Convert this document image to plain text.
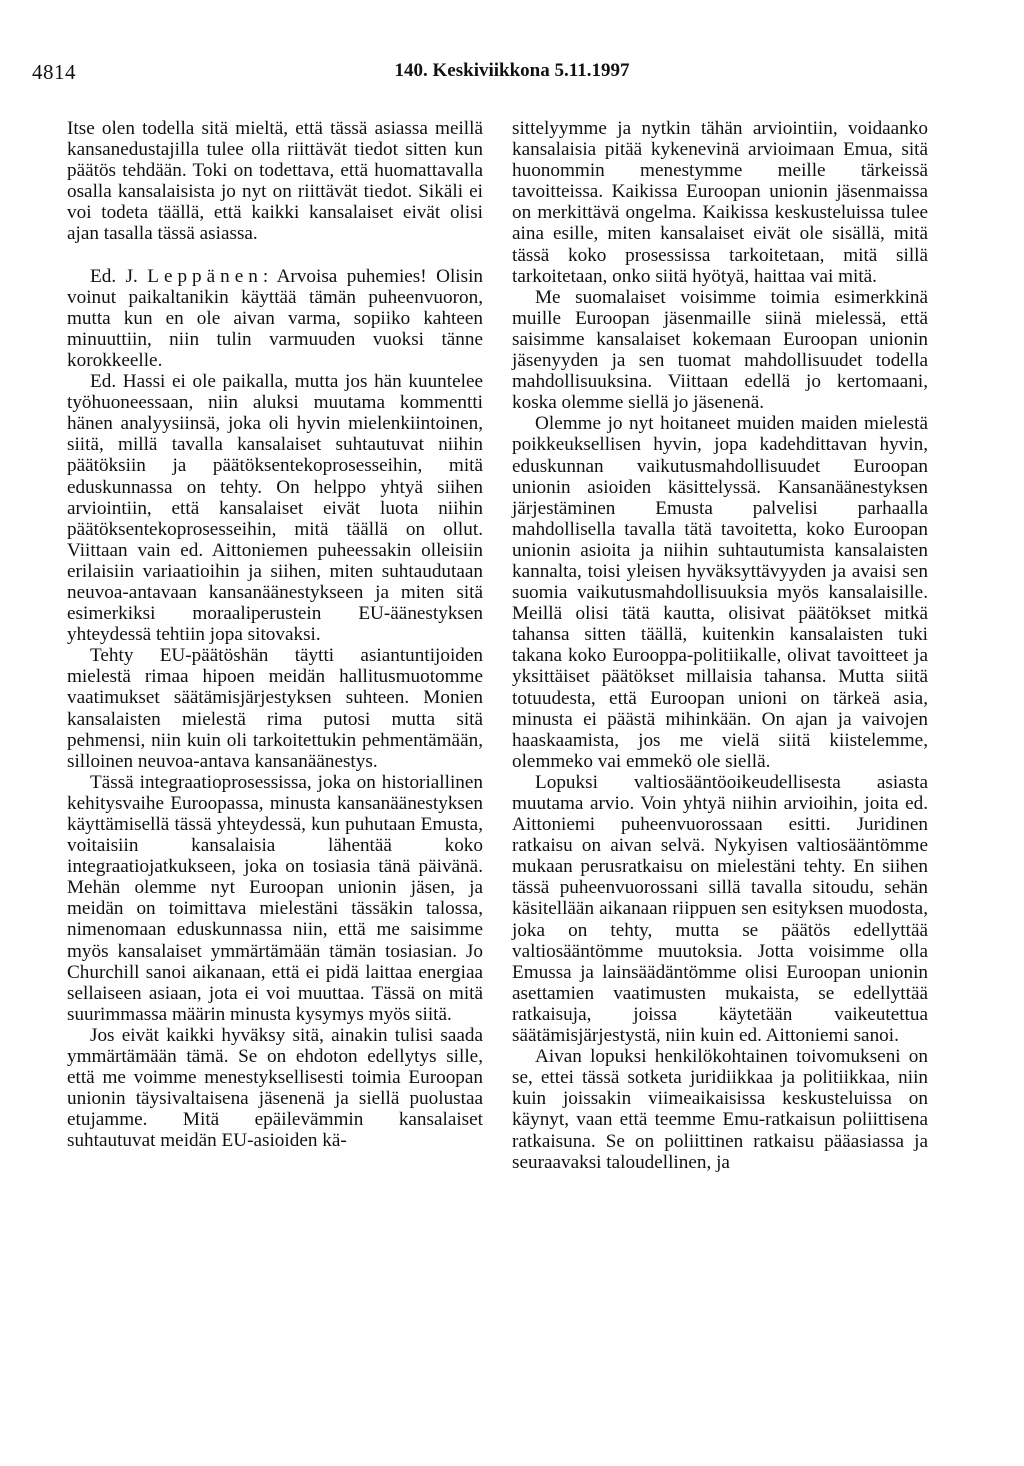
4814	140. Keskiviikkona 5.11.1997

Itse olen todella sitä mieltä, että tässä asiassa meillä kansanedustajilla tulee olla riittävät tiedot sitten kun päätös tehdään. Toki on todettava, että huomattavalla osalla kansalaisista jo nyt on riittävät tiedot. Sikäli ei voi todeta täällä, että kaikki kansalaiset eivät olisi ajan tasalla tässä asiassa.

Ed. J. Leppänen: Arvoisa puhemies! Olisin voinut paikaltanikin käyttää tämän puheenvuoron, mutta kun en ole aivan varma, sopiiko kahteen minuuttiin, niin tulin varmuuden vuoksi tänne korokkeelle.

Ed. Hassi ei ole paikalla, mutta jos hän kuuntelee työhuoneessaan, niin aluksi muutama kommentti hänen analyysiinsä, joka oli hyvin mielenkiintoinen, siitä, millä tavalla kansalaiset suhtautuvat niihin päätöksiin ja päätöksentekoprosesseihin, mitä eduskunnassa on tehty. On helppo yhtyä siihen arviointiin, että kansalaiset eivät luota niihin päätöksentekoprosesseihin, mitä täällä on ollut. Viittaan vain ed. Aittoniemen puheessakin olleisiin erilaisiin variaatioihin ja siihen, miten suhtaudutaan neuvoa-antavaan kansanäänestykseen ja miten sitä esimerkiksi moraaliperustein EU-äänestyksen yhteydessä tehtiin jopa sitovaksi.

Tehty EU-päätöshän täytti asiantuntijoiden mielestä rimaa hipoen meidän hallitusmuotomme vaatimukset säätämisjärjestyksen suhteen. Monien kansalaisten mielestä rima putosi mutta sitä pehmensi, niin kuin oli tarkoitettukin pehmentämään, silloinen neuvoa-antava kansanäänestys.

Tässä integraatioprosessissa, joka on historiallinen kehitysvaihe Euroopassa, minusta kansanäänestyksen käyttämisellä tässä yhteydessä, kun puhutaan Emusta, voitaisiin kansalaisia lähentää koko integraatiojatkukseen, joka on tosiasia tänä päivänä. Mehän olemme nyt Euroopan unionin jäsen, ja meidän on toimittava mielestäni tässäkin talossa, nimenomaan eduskunnassa niin, että me saisimme myös kansalaiset ymmärtämään tämän tosiasian. Jo Churchill sanoi aikanaan, että ei pidä laittaa energiaa sellaiseen asiaan, jota ei voi muuttaa. Tässä on mitä suurimmassa määrin minusta kysymys myös siitä.

Jos eivät kaikki hyväksy sitä, ainakin tulisi saada ymmärtämään tämä. Se on ehdoton edellytys sille, että me voimme menestyksellisesti toimia Euroopan unionin täysivaltaisena jäsenenä ja siellä puolustaa etujamme. Mitä epäilevämmin kansalaiset suhtautuvat meidän EU-asioiden kä-

sittelyymme ja nytkin tähän arviointiin, voidaanko kansalaisia pitää kykenevinä arvioimaan Emua, sitä huonommin menestymme meille tärkeissä tavoitteissa. Kaikissa Euroopan unionin jäsenmaissa on merkittävä ongelma. Kaikissa keskusteluissa tulee aina esille, miten kansalaiset eivät ole sisällä, mitä tässä koko prosessissa tarkoitetaan, mitä sillä tarkoitetaan, onko siitä hyötyä, haittaa vai mitä.

Me suomalaiset voisimme toimia esimerkkinä muille Euroopan jäsenmaille siinä mielessä, että saisimme kansalaiset kokemaan Euroopan unionin jäsenyyden ja sen tuomat mahdollisuudet todella mahdollisuuksina. Viittaan edellä jo kertomaani, koska olemme siellä jo jäsenenä.

Olemme jo nyt hoitaneet muiden maiden mielestä poikkeuksellisen hyvin, jopa kadehdittavan hyvin, eduskunnan vaikutusmahdollisuudet Euroopan unionin asioiden käsittelyssä. Kansanäänestyksen järjestäminen Emusta palvelisi parhaalla mahdollisella tavalla tätä tavoitetta, koko Euroopan unionin asioita ja niihin suhtautumista kansalaisten kannalta, toisi yleisen hyväksyttävyyden ja avaisi sen suomia vaikutusmahdollisuuksia myös kansalaisille. Meillä olisi tätä kautta, olisivat päätökset mitkä tahansa sitten täällä, kuitenkin kansalaisten tuki takana koko Eurooppa-politiikalle, olivat tavoitteet ja yksittäiset päätökset millaisia tahansa. Mutta siitä totuudesta, että Euroopan unioni on tärkeä asia, minusta ei päästä mihinkään. On ajan ja vaivojen haaskaamista, jos me vielä siitä kiistelemme, olemmeko vai emmekö ole siellä.

Lopuksi valtiosääntöoikeudellisesta asiasta muutama arvio. Voin yhtyä niihin arvioihin, joita ed. Aittoniemi puheenvuorossaan esitti. Juridinen ratkaisu on aivan selvä. Nykyisen valtiosääntömme mukaan perusratkaisu on mielestäni tehty. En siihen tässä puheenvuorossani sillä tavalla sitoudu, sehän käsitellään aikanaan riippuen sen esityksen muodosta, joka on tehty, mutta se päätös edellyttää valtiosääntömme muutoksia. Jotta voisimme olla Emussa ja lainsäädäntömme olisi Euroopan unionin asettamien vaatimusten mukaista, se edellyttää ratkaisuja, joissa käytetään vaikeutettua säätämisjärjestystä, niin kuin ed. Aittoniemi sanoi.

Aivan lopuksi henkilökohtainen toivomukseni on se, ettei tässä sotketa juridiikkaa ja politiikkaa, niin kuin joissakin viimeaikaisissa keskusteluissa on käynyt, vaan että teemme Emu-ratkaisun poliittisena ratkaisuna. Se on poliittinen ratkaisu pääasiassa ja seuraavaksi taloudellinen, ja
